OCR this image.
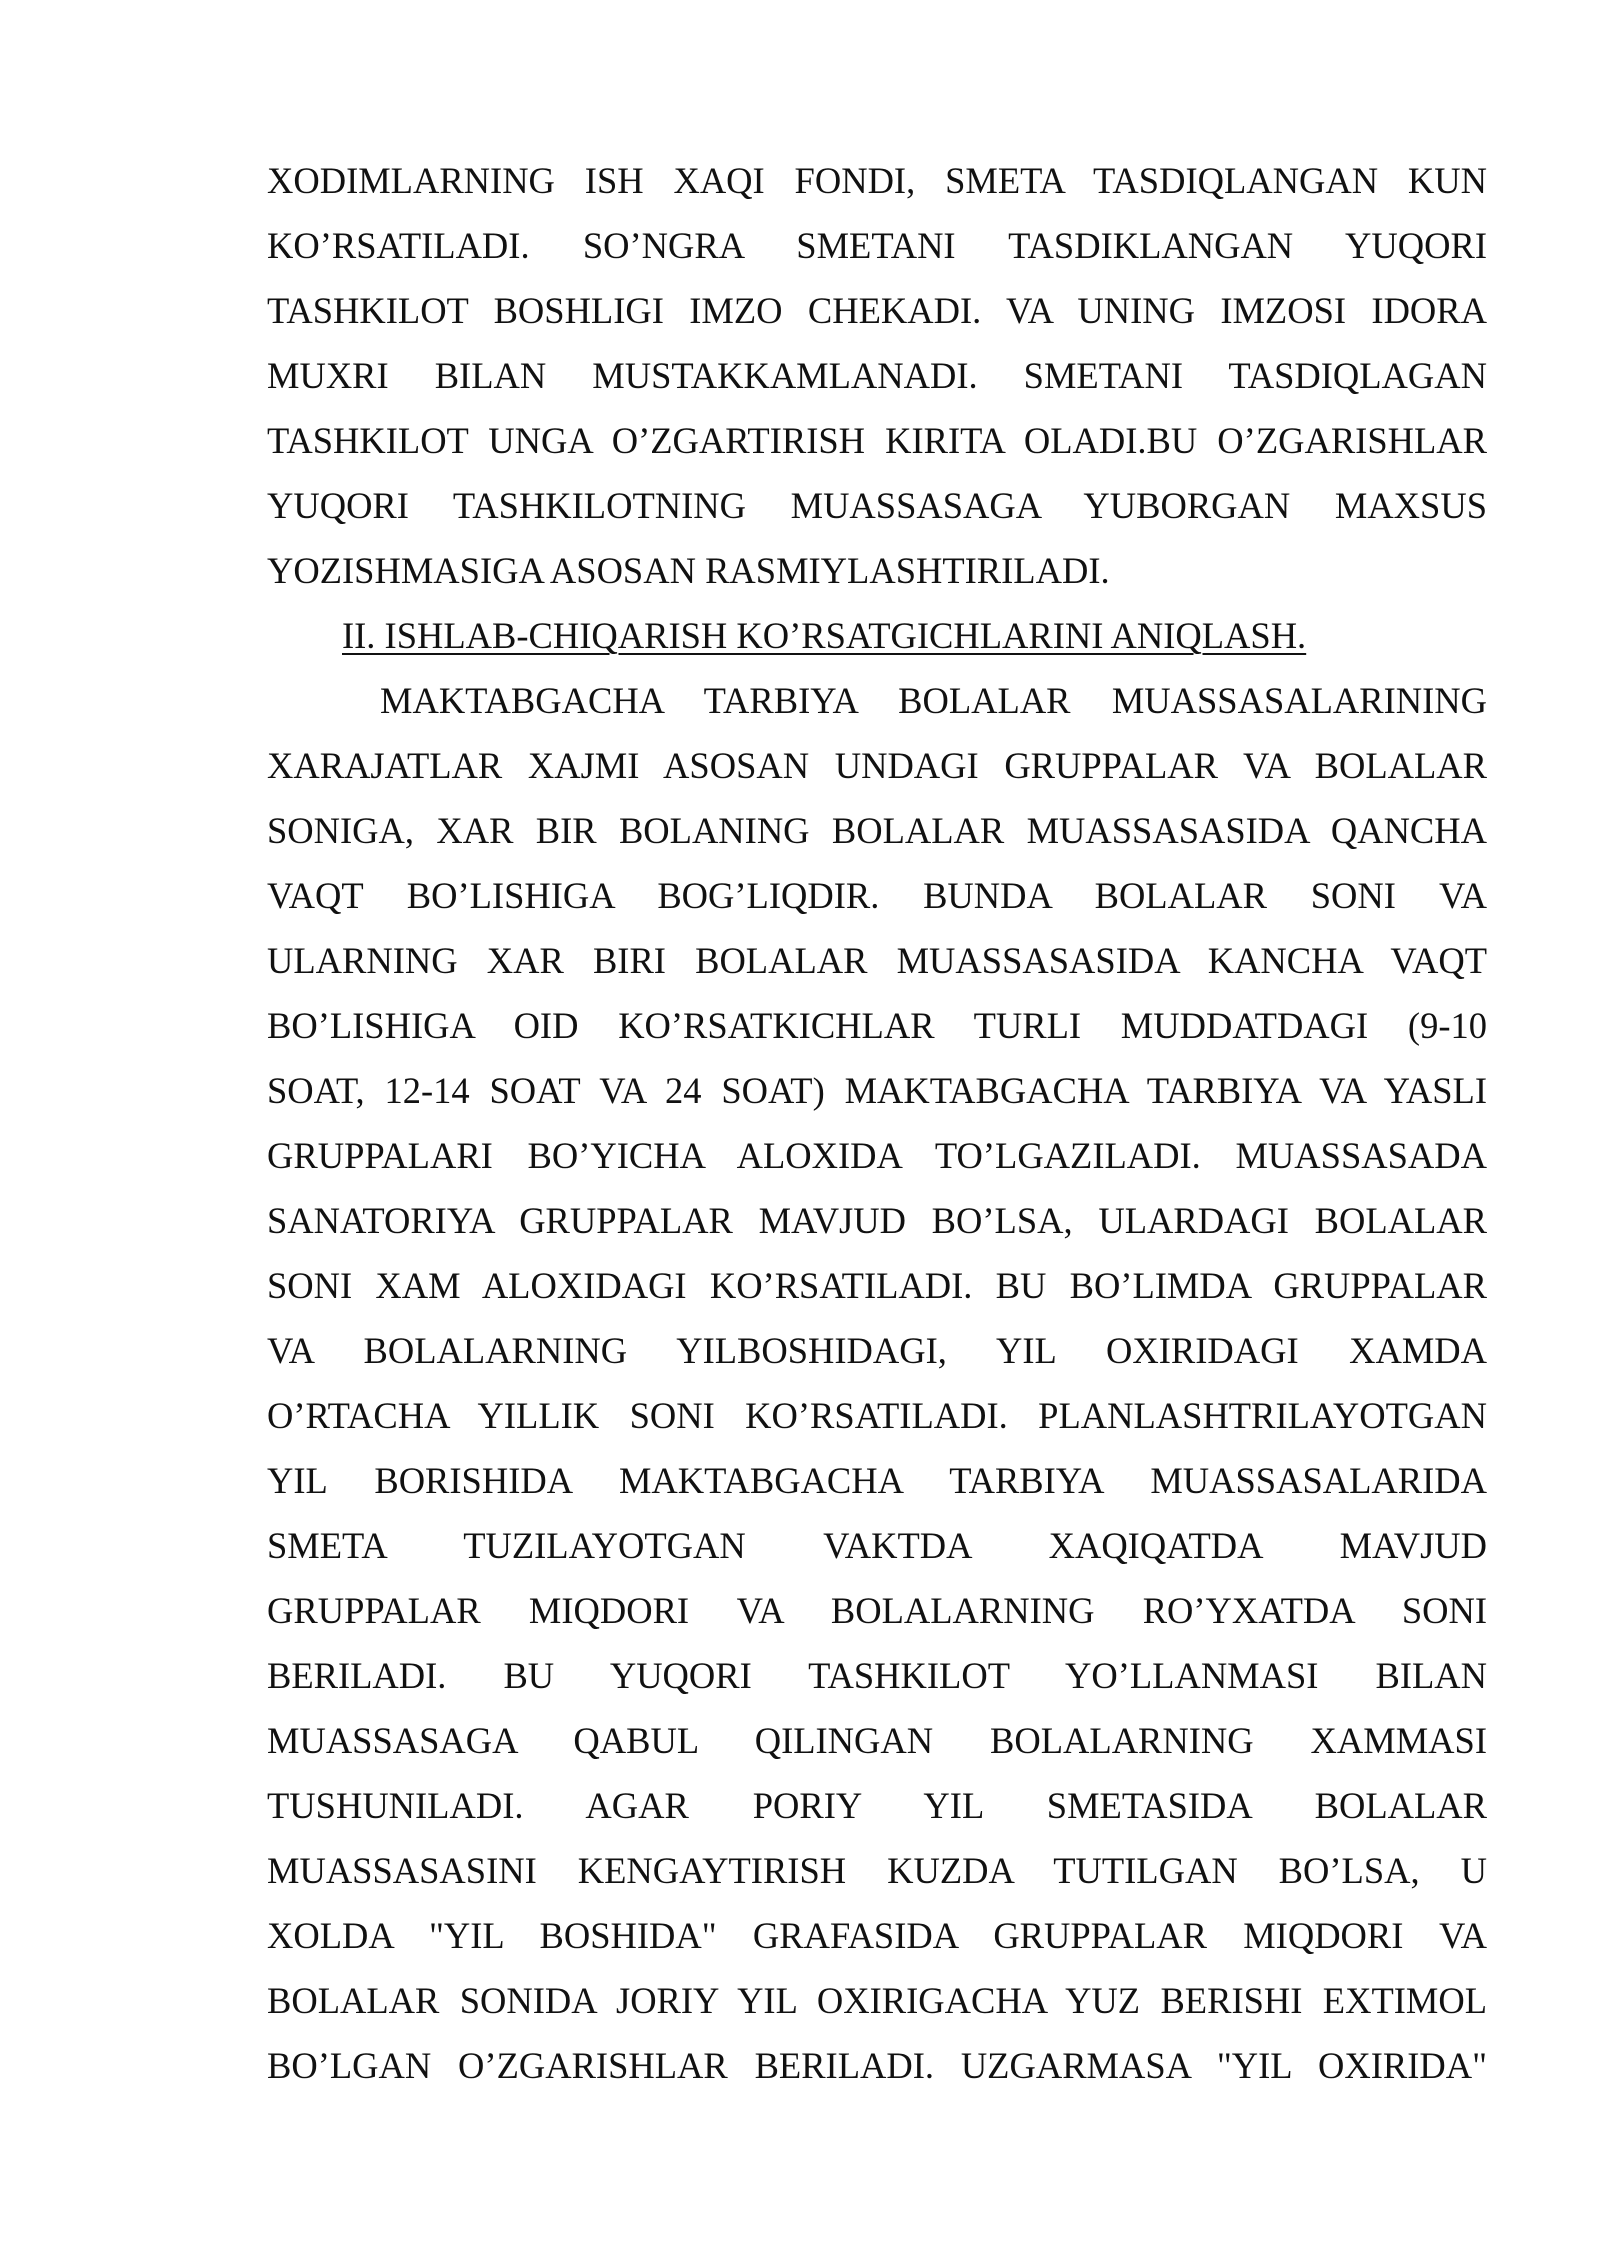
XODIMLARNING ISH XAQI FONDI, SMETA TASDIQLANGAN KUN
KO’RSATILADI. SO’NGRA SMETANI TASDIKLANGAN YUQORI
TASHKILOT BOSHLIGI IMZO CHEKADI. VA UNING IMZOSI IDORA
MUXRI BILAN MUSTAKKAMLANADI. SMETANI TASDIQLAGAN
TASHKILOT UNGA O’ZGARTIRISH KIRITA OLADI.BU O’ZGARISHLAR
YUQORI TASHKILOTNING MUASSASAGA YUBORGAN MAXSUS
YOZISHMASIGA ASOSAN RASMIYLASHTIRILADI.
II. ISHLAB-CHIQARISH KO’RSATGICHLARINI ANIQLASH.
MAKTABGACHA TARBIYA BOLALAR MUASSASALARINING
XARAJATLAR XAJMI ASOSAN UNDAGI GRUPPALAR VA BOLALAR
SONIGA, XAR BIR BOLANING BOLALAR MUASSASASIDA QANCHA
VAQT BO’LISHIGA BOG’LIQDIR. BUNDA BOLALAR SONI VA
ULARNING XAR BIRI BOLALAR MUASSASASIDA KANCHA VAQT
BO’LISHIGA OID KO’RSATKICHLAR TURLI MUDDATDAGI (9-10
SOAT, 12-14 SOAT VA 24 SOAT) MAKTABGACHA TARBIYA VA YASLI
GRUPPALARI BO’YICHA ALOXIDA TO’LGAZILADI. MUASSASADA
SANATORIYA GRUPPALAR MAVJUD BO’LSA, ULARDAGI BOLALAR
SONI XAM ALOXIDAGI KO’RSATILADI. BU BO’LIMDA GRUPPALAR
VA BOLALARNING YILBOSHIDAGI, YIL OXIRIDAGI XAMDA
O’RTACHA YILLIK SONI KO’RSATILADI. PLANLASHTRILAYOTGAN
YIL BORISHIDA MAKTABGACHA TARBIYA MUASSASALARIDA
SMETA TUZILAYOTGAN VAKTDA XAQIQATDA MAVJUD
GRUPPALAR MIQDORI VA BOLALARNING RO’YXATDA SONI
BERILADI. BU YUQORI TASHKILOT YO’LLANMASI BILAN
MUASSASAGA QABUL QILINGAN BOLALARNING XAMMASI
TUSHUNILADI. AGAR PORIY YIL SMETASIDA BOLALAR
MUASSASASINI KENGAYTIRISH KUZDA TUTILGAN BO’LSA, U
XOLDA "YIL BOSHIDA" GRAFASIDA GRUPPALAR MIQDORI VA
BOLALAR SONIDA JORIY YIL OXIRIGACHA YUZ BERISHI EXTIMOL
BO’LGAN O’ZGARISHLAR BERILADI. UZGARMASA "YIL OXIRIDA"
